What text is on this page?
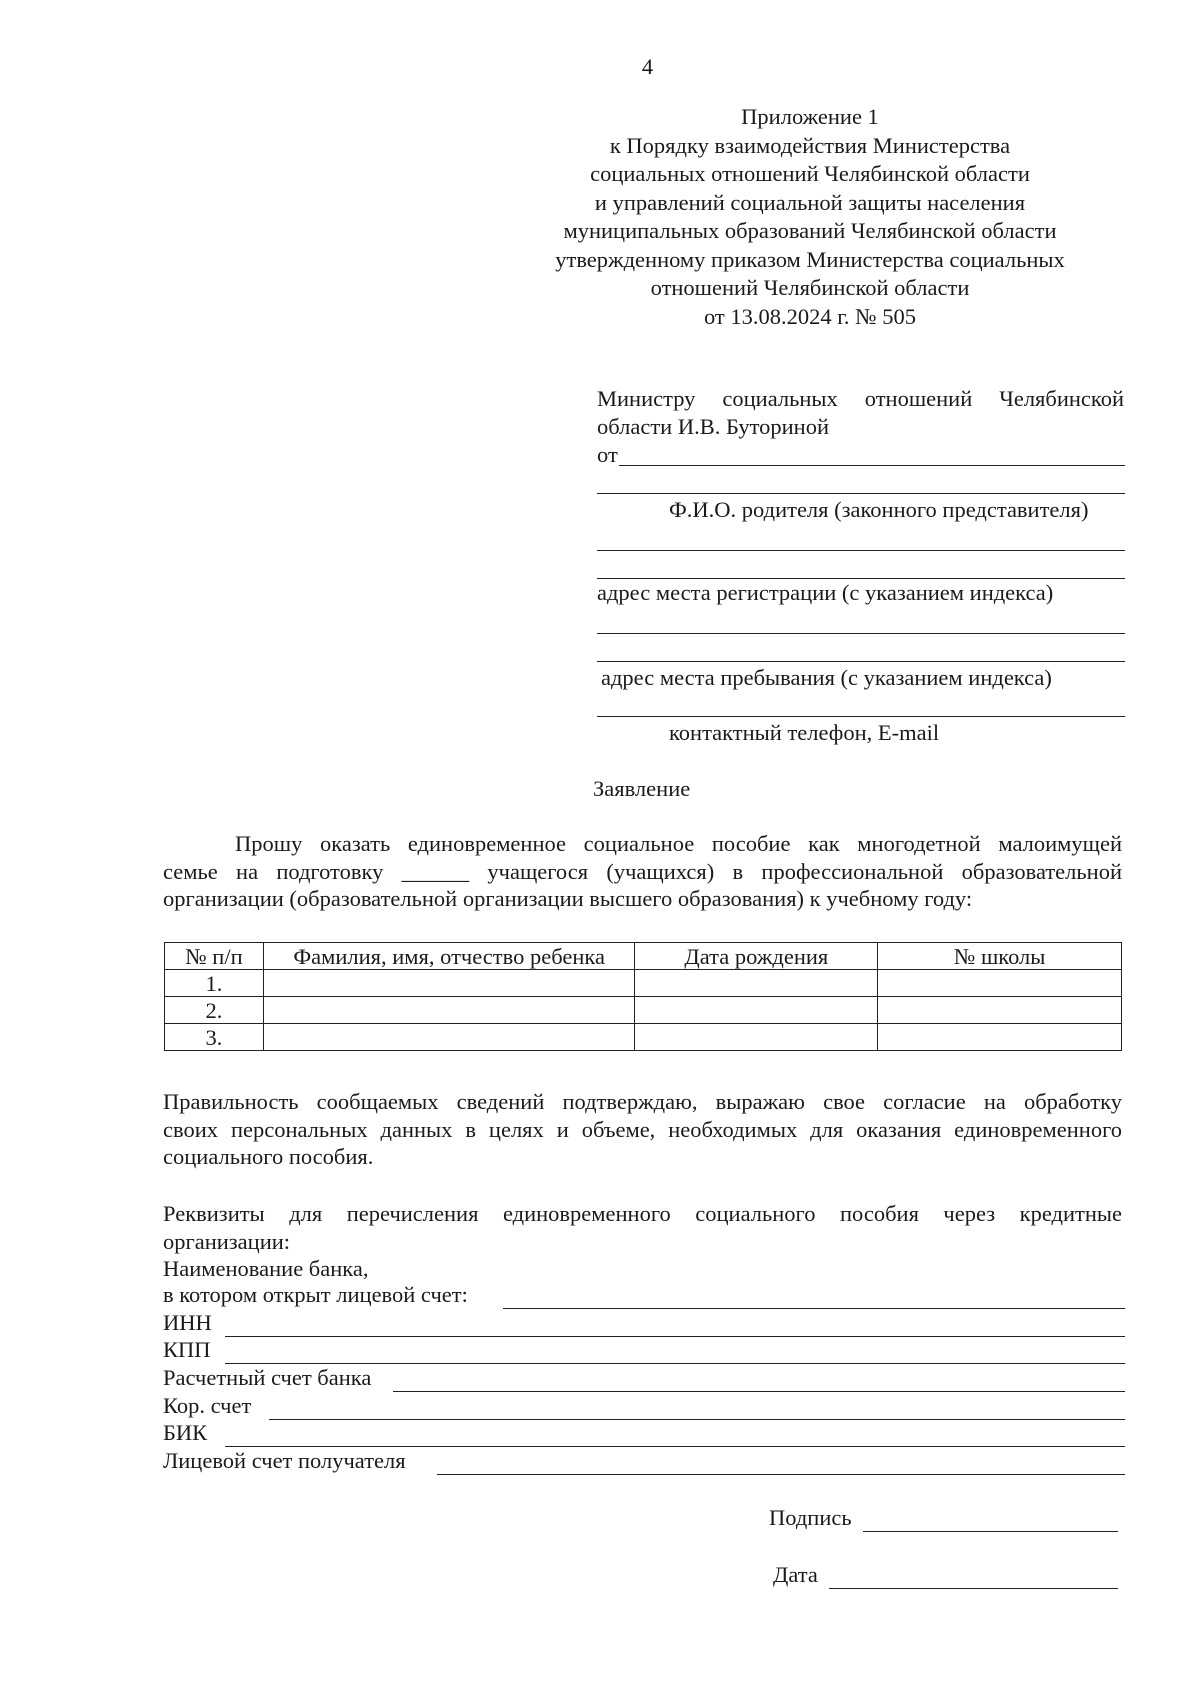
4
Приложение 1
к Порядку взаимодействия Министерства
социальных отношений Челябинской области
и управлений социальной защиты населения
муниципальных образований Челябинской области
утвержденному приказом Министерства социальных
отношений Челябинской области
от 13.08.2024 г. № 505
Министру социальных отношений Челябинской
области И.В. Буториной
от
Ф.И.О. родителя (законного представителя)
адрес места регистрации (с указанием индекса)
адрес места пребывания (с указанием индекса)
контактный телефон, E-mail
Заявление
Прошу оказать единовременное социальное пособие как многодетной малоимущей
семье на подготовку ______ учащегося (учащихся) в профессиональной образовательной
организации (образовательной организации высшего образования) к учебному году:
№ п/п	Фамилия, имя, отчество ребенка	Дата рождения	№ школы
1.			
2.			
3.			
Правильность сообщаемых сведений подтверждаю, выражаю свое согласие на обработку
своих персональных данных в целях и объеме, необходимых для оказания единовременного
социального пособия.
Реквизиты для перечисления единовременного социального пособия через кредитные
организации:
Наименование банка,
в котором открыт лицевой счет:
ИНН
КПП
Расчетный счет банка
Кор. счет
БИК
Лицевой счет получателя
Подпись
Дата
